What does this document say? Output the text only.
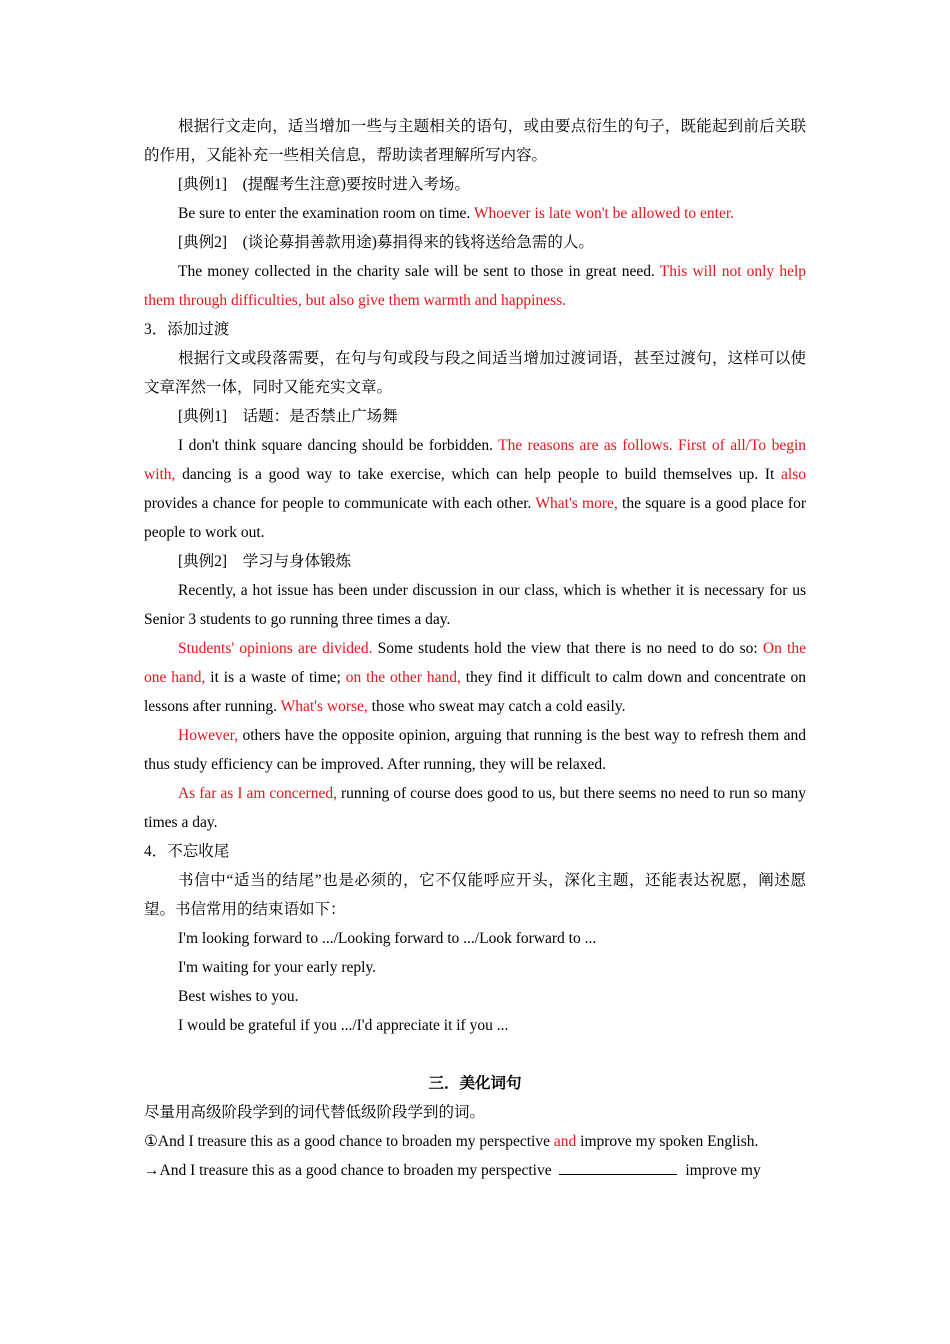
根据行文走向，适当增加一些与主题相关的语句，或由要点衍生的句子，既能起到前后关联的作用，又能补充一些相关信息，帮助读者理解所写内容。

[典例1] (提醒考生注意)要按时进入考场。

Be sure to enter the examination room on time. Whoever is late won't be allowed to enter.

[典例2] (谈论募捐善款用途)募捐得来的钱将送给急需的人。

The money collected in the charity sale will be sent to those in great need. This will not only help them through difficulties, but also give them warmth and happiness.

3．添加过渡

根据行文或段落需要，在句与句或段与段之间适当增加过渡词语，甚至过渡句，这样可以使文章浑然一体，同时又能充实文章。

[典例1] 话题：是否禁止广场舞

I don't think square dancing should be forbidden. The reasons are as follows. First of all/To begin with, dancing is a good way to take exercise, which can help people to build themselves up. It also provides a chance for people to communicate with each other. What's more, the square is a good place for people to work out.

[典例2] 学习与身体锻炼

Recently, a hot issue has been under discussion in our class, which is whether it is necessary for us Senior 3 students to go running three times a day.

Students' opinions are divided. Some students hold the view that there is no need to do so: On the one hand, it is a waste of time; on the other hand, they find it difficult to calm down and concentrate on lessons after running. What's worse, those who sweat may catch a cold easily.

However, others have the opposite opinion, arguing that running is the best way to refresh them and thus study efficiency can be improved. After running, they will be relaxed.

As far as I am concerned, running of course does good to us, but there seems no need to run so many times a day.

4．不忘收尾

书信中“适当的结尾”也是必须的，它不仅能呼应开头，深化主题，还能表达祝愿，阐述愿望。书信常用的结束语如下：

I'm looking forward to .../Looking forward to .../Look forward to ...

I'm waiting for your early reply.

Best wishes to you.

I would be grateful if you .../I'd appreciate it if you ...

三．美化词句

尽量用高级阶段学到的词代替低级阶段学到的词。

①And I treasure this as a good chance to broaden my perspective and improve my spoken English.

→And I treasure this as a good chance to broaden my perspective	improve my
